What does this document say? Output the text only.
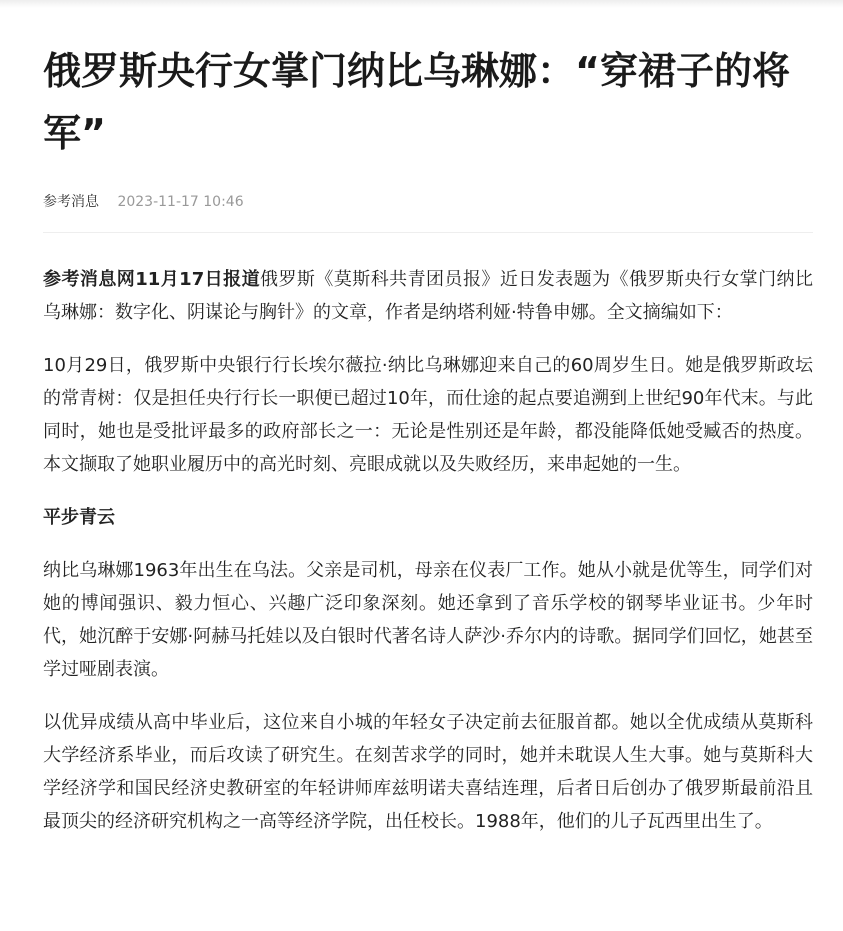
俄罗斯央行女掌门纳比乌琳娜：“穿裙子的将军”
参考消息 2023-11-17 10:46

参考消息网11月17日报道俄罗斯《莫斯科共青团员报》近日发表题为《俄罗斯央行女掌门纳比乌琳娜：数字化、阴谋论与胸针》的文章，作者是纳塔利娅·特鲁申娜。全文摘编如下：

10月29日，俄罗斯中央银行行长埃尔薇拉·纳比乌琳娜迎来自己的60周岁生日。她是俄罗斯政坛的常青树：仅是担任央行行长一职便已超过10年，而仕途的起点要追溯到上世纪90年代末。与此同时，她也是受批评最多的政府部长之一：无论是性别还是年龄，都没能降低她受臧否的热度。本文撷取了她职业履历中的高光时刻、亮眼成就以及失败经历，来串起她的一生。

平步青云

纳比乌琳娜1963年出生在乌法。父亲是司机，母亲在仪表厂工作。她从小就是优等生，同学们对她的博闻强识、毅力恒心、兴趣广泛印象深刻。她还拿到了音乐学校的钢琴毕业证书。少年时代，她沉醉于安娜·阿赫马托娃以及白银时代著名诗人萨沙·乔尔内的诗歌。据同学们回忆，她甚至学过哑剧表演。

以优异成绩从高中毕业后，这位来自小城的年轻女子决定前去征服首都。她以全优成绩从莫斯科大学经济系毕业，而后攻读了研究生。在刻苦求学的同时，她并未耽误人生大事。她与莫斯科大学经济学和国民经济史教研室的年轻讲师库兹明诺夫喜结连理，后者日后创办了俄罗斯最前沿且最顶尖的经济研究机构之一高等经济学院，出任校长。1988年，他们的儿子瓦西里出生了。
